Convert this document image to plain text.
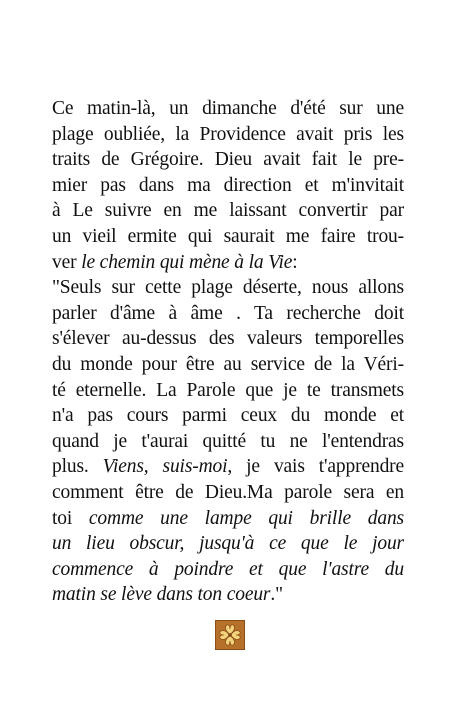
Ce matin-là, un dimanche d'été sur une
plage oubliée, la Providence avait pris les
traits de Grégoire. Dieu avait fait le pre-
mier pas dans ma direction et m'invitait
à Le suivre en me laissant convertir par
un vieil ermite qui saurait me faire trou-
ver le chemin qui mène à la Vie:
"Seuls sur cette plage déserte, nous allons
parler d'âme à âme . Ta recherche doit
s'élever au-dessus des valeurs temporelles
du monde pour être au service de la Véri-
té eternelle. La Parole que je te transmets
n'a pas cours parmi ceux du monde et
quand je t'aurai quitté tu ne l'entendras
plus. Viens, suis-moi, je vais t'apprendre
comment être de Dieu.Ma parole sera en
toi comme une lampe qui brille dans
un lieu obscur, jusqu'à ce que le jour
commence à poindre et que l'astre du
matin se lève dans ton coeur."
